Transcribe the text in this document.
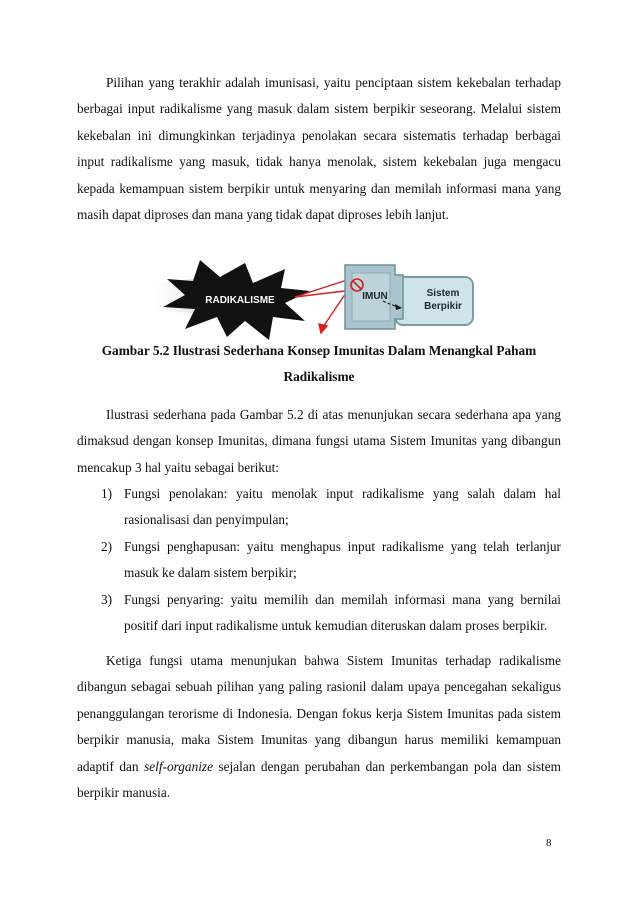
Pilihan yang terakhir adalah imunisasi, yaitu penciptaan sistem kekebalan terhadap berbagai input radikalisme yang masuk dalam sistem berpikir seseorang. Melalui sistem kekebalan ini dimungkinkan terjadinya penolakan secara sistematis terhadap berbagai input radikalisme yang masuk, tidak hanya menolak, sistem kekebalan juga mengacu kepada kemampuan sistem berpikir untuk menyaring dan memilah informasi mana yang masih dapat diproses dan mana yang tidak dapat diproses lebih lanjut.

RADIKALISME
Sistem
Berpikir
IMUN

Gambar 5.2 Ilustrasi Sederhana Konsep Imunitas Dalam Menangkal Paham Radikalisme

Ilustrasi sederhana pada Gambar 5.2 di atas menunjukan secara sederhana apa yang dimaksud dengan konsep Imunitas, dimana fungsi utama Sistem Imunitas yang dibangun mencakup 3 hal yaitu sebagai berikut:

1) Fungsi penolakan: yaitu menolak input radikalisme yang salah dalam hal rasionalisasi dan penyimpulan;
2) Fungsi penghapusan: yaitu menghapus input radikalisme yang telah terlanjur masuk ke dalam sistem berpikir;
3) Fungsi penyaring: yaitu memilih dan memilah informasi mana yang bernilai positif dari input radikalisme untuk kemudian diteruskan dalam proses berpikir.

Ketiga fungsi utama menunjukan bahwa Sistem Imunitas terhadap radikalisme dibangun sebagai sebuah pilihan yang paling rasionil dalam upaya pencegahan sekaligus penanggulangan terorisme di Indonesia. Dengan fokus kerja Sistem Imunitas pada sistem berpikir manusia, maka Sistem Imunitas yang dibangun harus memiliki kemampuan adaptif dan self-organize sejalan dengan perubahan dan perkembangan pola dan sistem berpikir manusia.

8
